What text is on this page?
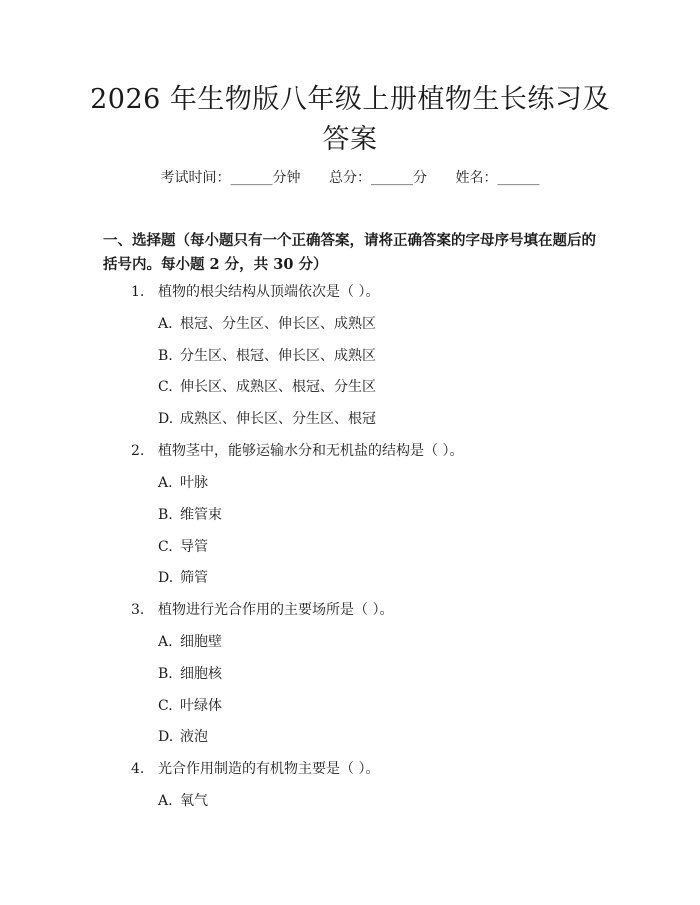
2026 年生物版八年级上册植物生长练习及答案
考试时间：______分钟 总分：______分 姓名：______

一、选择题（每小题只有一个正确答案，请将正确答案的字母序号填在题后的括号内。每小题 2 分，共 30 分）

1. 植物的根尖结构从顶端依次是（ ）。
A. 根冠、分生区、伸长区、成熟区
B. 分生区、根冠、伸长区、成熟区
C. 伸长区、成熟区、根冠、分生区
D. 成熟区、伸长区、分生区、根冠
2. 植物茎中，能够运输水分和无机盐的结构是（ ）。
A. 叶脉
B. 维管束
C. 导管
D. 筛管
3. 植物进行光合作用的主要场所是（ ）。
A. 细胞壁
B. 细胞核
C. 叶绿体
D. 液泡
4. 光合作用制造的有机物主要是（ ）。
A. 氧气
